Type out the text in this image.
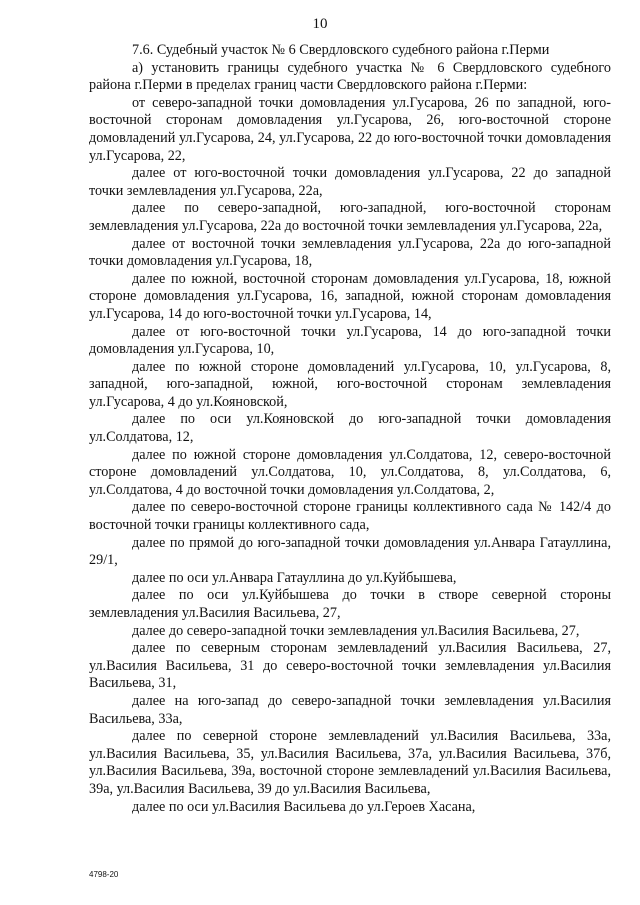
10

7.6. Судебный участок № 6 Свердловского судебного района г.Перми

а) установить границы судебного участка № 6 Свердловского судебного района г.Перми в пределах границ части Свердловского района г.Перми:

от северо-западной точки домовладения ул.Гусарова, 26 по западной, юго-восточной сторонам домовладения ул.Гусарова, 26, юго-восточной стороне домовладений ул.Гусарова, 24, ул.Гусарова, 22 до юго-восточной точки домовладения ул.Гусарова, 22,

далее от юго-восточной точки домовладения ул.Гусарова, 22 до западной точки землевладения ул.Гусарова, 22а,

далее по северо-западной, юго-западной, юго-восточной сторонам землевладения ул.Гусарова, 22а до восточной точки землевладения ул.Гусарова, 22а,

далее от восточной точки землевладения ул.Гусарова, 22а до юго-западной точки домовладения ул.Гусарова, 18,

далее по южной, восточной сторонам домовладения ул.Гусарова, 18, южной стороне домовладения ул.Гусарова, 16, западной, южной сторонам домовладения ул.Гусарова, 14 до юго-восточной точки ул.Гусарова, 14,

далее от юго-восточной точки ул.Гусарова, 14 до юго-западной точки домовладения ул.Гусарова, 10,

далее по южной стороне домовладений ул.Гусарова, 10, ул.Гусарова, 8, западной, юго-западной, южной, юго-восточной сторонам землевладения ул.Гусарова, 4 до ул.Кояновской,

далее по оси ул.Кояновской до юго-западной точки домовладения ул.Солдатова, 12,

далее по южной стороне домовладения ул.Солдатова, 12, северо-восточной стороне домовладений ул.Солдатова, 10, ул.Солдатова, 8, ул.Солдатова, 6, ул.Солдатова, 4 до восточной точки домовладения ул.Солдатова, 2,

далее по северо-восточной стороне границы коллективного сада № 142/4 до восточной точки границы коллективного сада,

далее по прямой до юго-западной точки домовладения ул.Анвара Гатауллина, 29/1,

далее по оси ул.Анвара Гатауллина до ул.Куйбышева,

далее по оси ул.Куйбышева до точки в створе северной стороны землевладения ул.Василия Васильева, 27,

далее до северо-западной точки землевладения ул.Василия Васильева, 27,

далее по северным сторонам землевладений ул.Василия Васильева, 27, ул.Василия Васильева, 31 до северо-восточной точки землевладения ул.Василия Васильева, 31,

далее на юго-запад до северо-западной точки землевладения ул.Василия Васильева, 33а,

далее по северной стороне землевладений ул.Василия Васильева, 33а, ул.Василия Васильева, 35, ул.Василия Васильева, 37а, ул.Василия Васильева, 37б, ул.Василия Васильева, 39а, восточной стороне землевладений ул.Василия Васильева, 39а, ул.Василия Васильева, 39 до ул.Василия Васильева,

далее по оси ул.Василия Васильева до ул.Героев Хасана,

4798-20
